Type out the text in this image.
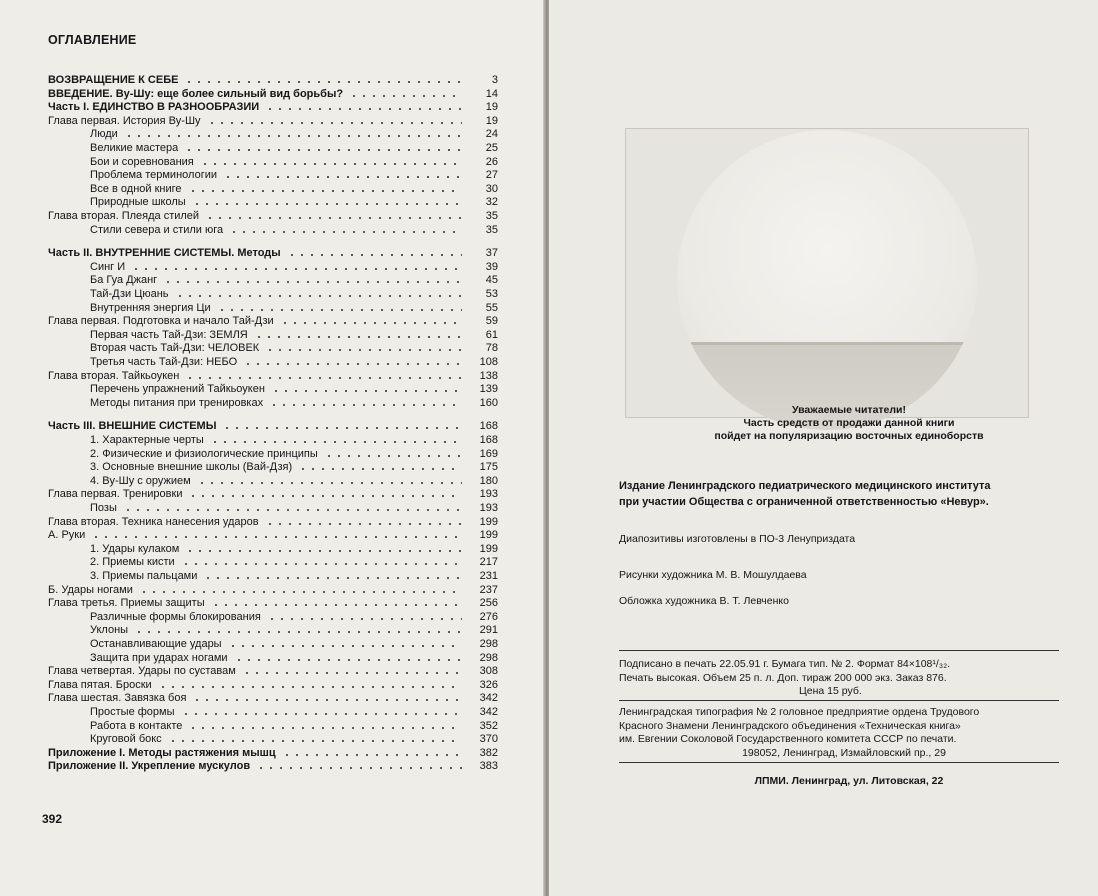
ОГЛАВЛЕНИЕ
ВОЗВРАЩЕНИЕ К СЕБЕ	3
ВВЕДЕНИЕ. Ву-Шу: еще более сильный вид борьбы?	14
Часть I. ЕДИНСТВО В РАЗНООБРАЗИИ	19
Глава первая. История Ву-Шу	19
Люди	24
Великие мастера	25
Бои и соревнования	26
Проблема терминологии	27
Все в одной книге	30
Природные школы	32
Глава вторая. Плеяда стилей	35
Стили севера и стили юга	35
Часть II. ВНУТРЕННИЕ СИСТЕМЫ. Методы	37
Синг И	39
Ба Гуа Джанг	45
Тай-Дзи Цюань	53
Внутренняя энергия Ци	55
Глава первая. Подготовка и начало Тай-Дзи	59
Первая часть Тай-Дзи: ЗЕМЛЯ	61
Вторая часть Тай-Дзи: ЧЕЛОВЕК	78
Третья часть Тай-Дзи: НЕБО	108
Глава вторая. Тайкьоукен	138
Перечень упражнений Тайкьоукен	139
Методы питания при тренировках	160
Часть III. ВНЕШНИЕ СИСТЕМЫ	168
1. Характерные черты	168
2. Физические и физиологические принципы	169
3. Основные внешние школы (Вай-Дзя)	175
4. Ву-Шу с оружием	180
Глава первая. Тренировки	193
Позы	193
Глава вторая. Техника нанесения ударов	199
А. Руки	199
1. Удары кулаком	199
2. Приемы кисти	217
3. Приемы пальцами	231
Б. Удары ногами	237
Глава третья. Приемы защиты	256
Различные формы блокирования	276
Уклоны	291
Останавливающие удары	298
Защита при ударах ногами	298
Глава четвертая. Удары по суставам	308
Глава пятая. Броски	326
Глава шестая. Завязка боя	342
Простые формы	342
Работа в контакте	352
Круговой бокс	370
Приложение I. Методы растяжения мышц	382
Приложение II. Укрепление мускулов	383
392
Уважаемые читатели!
Часть средств от продажи данной книги
пойдет на популяризацию восточных единоборств
Издание Ленинградского педиатрического медицинского института
при участии Общества с ограниченной ответственностью «Невур».
Диапозитивы изготовлены в ПО-3 Ленуприздата
Рисунки художника М. В. Мошулдаева
Обложка художника В. Т. Левченко
Подписано в печать 22.05.91 г. Бумага тип. № 2. Формат 84×108¹/₃₂.
Печать высокая. Объем 25 п. л. Доп. тираж 200 000 экз. Заказ 876.
Цена 15 руб.
Ленинградская типография № 2 головное предприятие ордена Трудового
Красного Знамени Ленинградского объединения «Техническая книга»
им. Евгении Соколовой Государственного комитета СССР по печати.
198052, Ленинград, Измайловский пр., 29
ЛПМИ. Ленинград, ул. Литовская, 22
